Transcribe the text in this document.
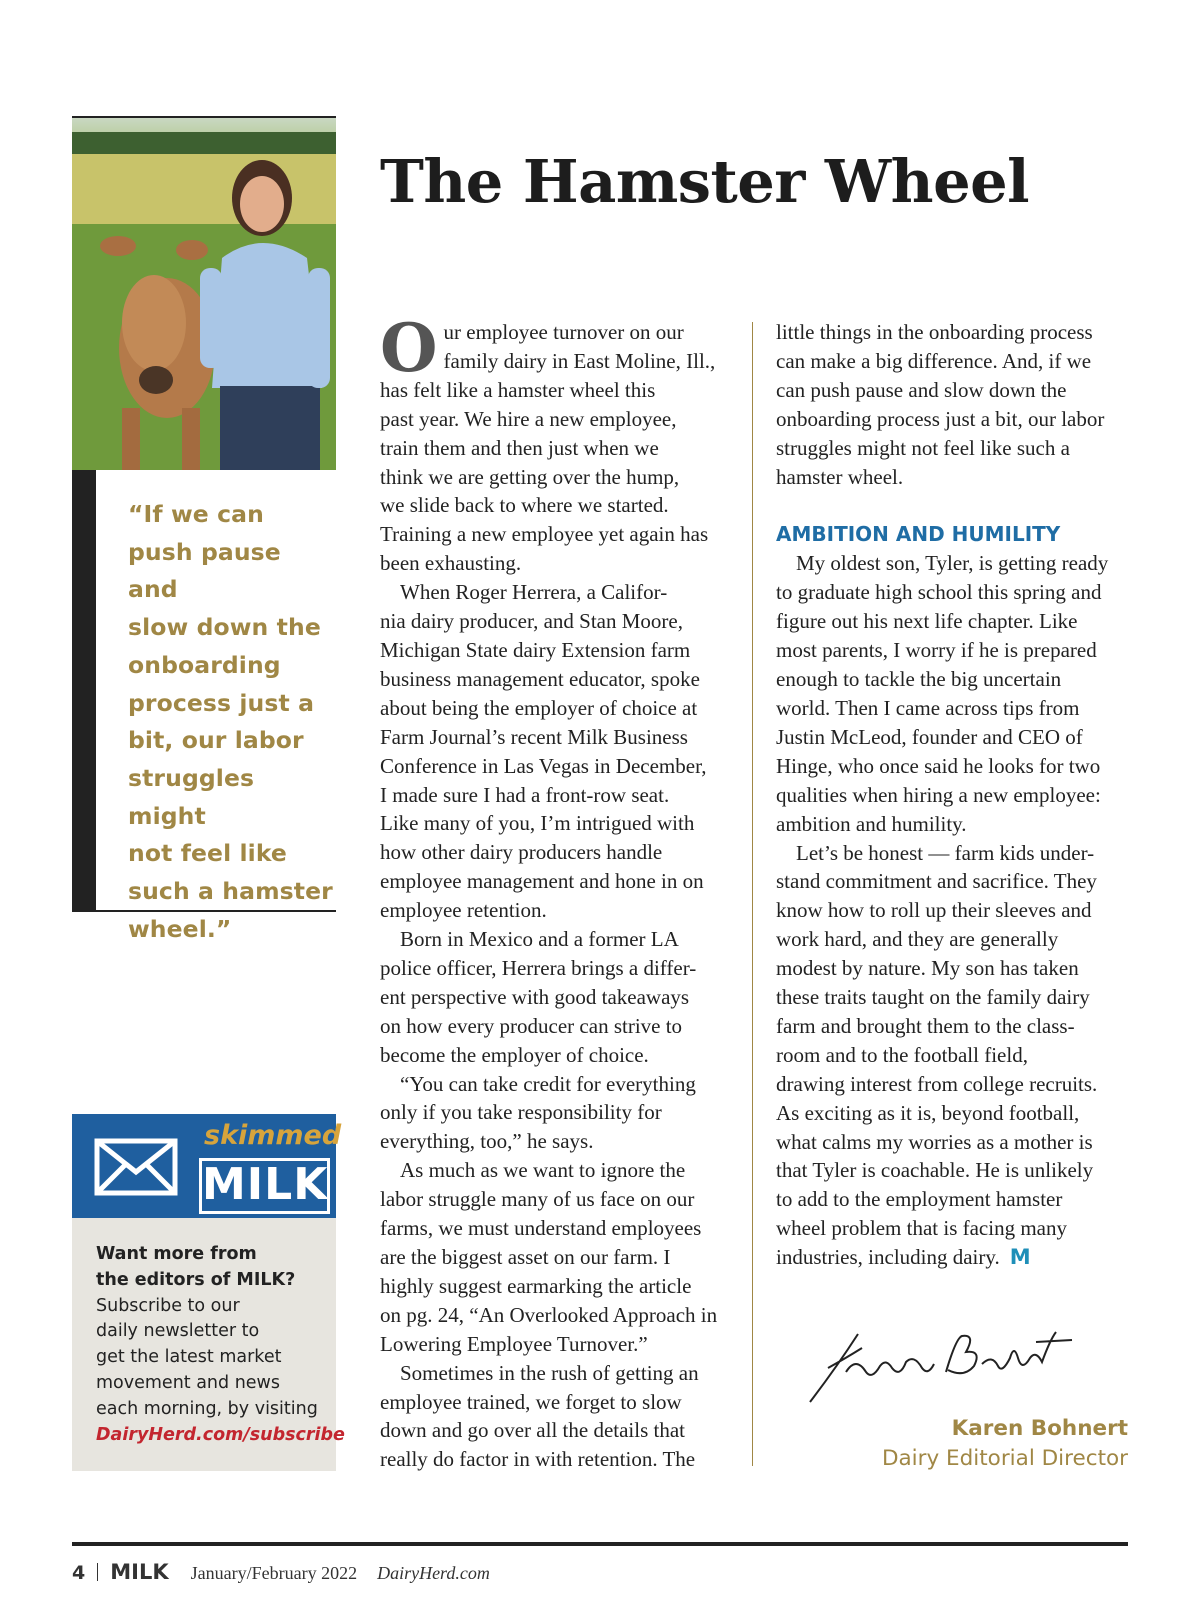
“If we can
push pause and
slow down the
onboarding
process just a
bit, our labor
struggles might
not feel like
such a hamster
wheel.”
skimmed
MILK
Want more from
the editors of MILK?
Subscribe to our
daily newsletter to
get the latest market
movement and news
each morning, by visiting
DairyHerd.com/subscribe
The Hamster Wheel
O ur employee turnover on our

family dairy in East Moline, Ill.,

has felt like a hamster wheel this

past year. We hire a new employee,

train them and then just when we

think we are getting over the hump,

we slide back to where we started.

Training a new employee yet again has

been exhausting.

When Roger Herrera, a Califor-

nia dairy producer, and Stan Moore,

Michigan State dairy Extension farm

business management educator, spoke

about being the employer of choice at

Farm Journal’s recent Milk Business

Conference in Las Vegas in December,

I made sure I had a front-row seat.

Like many of you, I’m intrigued with

how other dairy producers handle

employee management and hone in on

employee retention.

Born in Mexico and a former LA

police officer, Herrera brings a differ-

ent perspective with good takeaways

on how every producer can strive to

become the employer of choice.

“You can take credit for everything

only if you take responsibility for

everything, too,” he says.

As much as we want to ignore the

labor struggle many of us face on our

farms, we must understand employees

are the biggest asset on our farm. I

highly suggest earmarking the article

on pg. 24, “An Overlooked Approach in

Lowering Employee Turnover.”

Sometimes in the rush of getting an

employee trained, we forget to slow

down and go over all the details that

really do factor in with retention. The

little things in the onboarding process

can make a big difference. And, if we

can push pause and slow down the

onboarding process just a bit, our labor

struggles might not feel like such a

hamster wheel.

AMBITION AND HUMILITY

My oldest son, Tyler, is getting ready

to graduate high school this spring and

figure out his next life chapter. Like

most parents, I worry if he is prepared

enough to tackle the big uncertain

world. Then I came across tips from

Justin McLeod, founder and CEO of

Hinge, who once said he looks for two

qualities when hiring a new employee:

ambition and humility.

Let’s be honest — farm kids under-

stand commitment and sacrifice. They

know how to roll up their sleeves and

work hard, and they are generally

modest by nature. My son has taken

these traits taught on the family dairy

farm and brought them to the class-

room and to the football field,

drawing interest from college recruits.

As exciting as it is, beyond football,

what calms my worries as a mother is

that Tyler is coachable. He is unlikely

to add to the employment hamster

wheel problem that is facing many

industries, including dairy. M

Karen Bohnert
Dairy Editorial Director
4 MILK January/February 2022 DairyHerd.com
